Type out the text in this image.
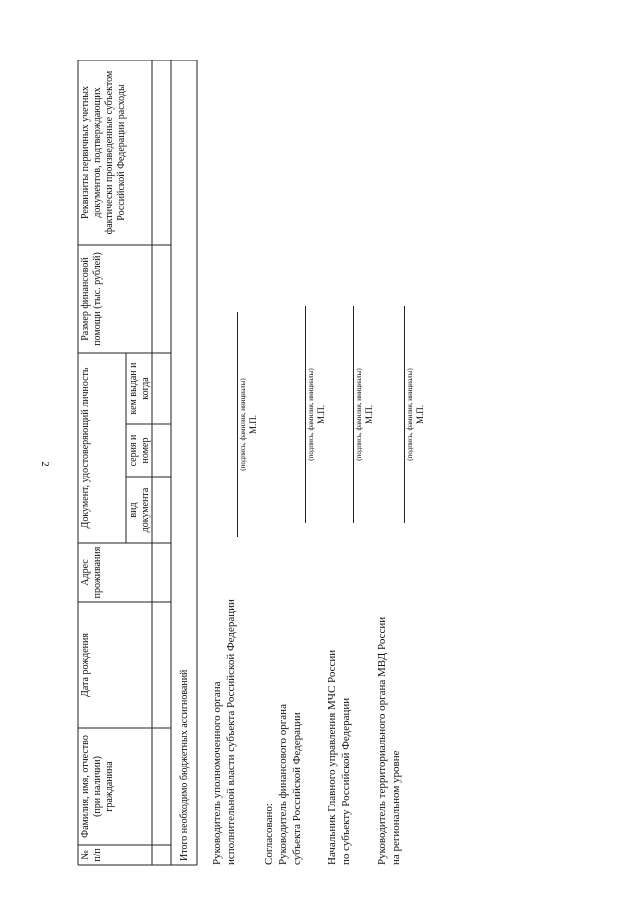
2
№ п/п
Фамилия, имя, отчество (при наличии) гражданина
Дата рождения
Адрес проживания
Документ, удостоверяющий личность	вид документа
серия и номер
кем выдан и когда
Размер финансовой помощи (тыс. рублей)
Реквизиты первичных учетных документов, подтверждающих фактически произведенные субъектом Российской Федерации расходы
Итого необходимо бюджетных ассигнований Руководитель уполномоченного органа исполнительной власти субъекта Российской Федерации
(подпись, фамилия, инициалы) М.П.
Согласовано: Руководитель финансового органа субъекта Российской Федерации
(подпись, фамилия, инициалы) М.П.
Начальник Главного управления МЧС России по субъекту Российской Федерации
(подпись, фамилия, инициалы) М.П.
Руководитель территориального органа МВД России на региональном уровне
(подпись, фамилия, инициалы) М.П.
